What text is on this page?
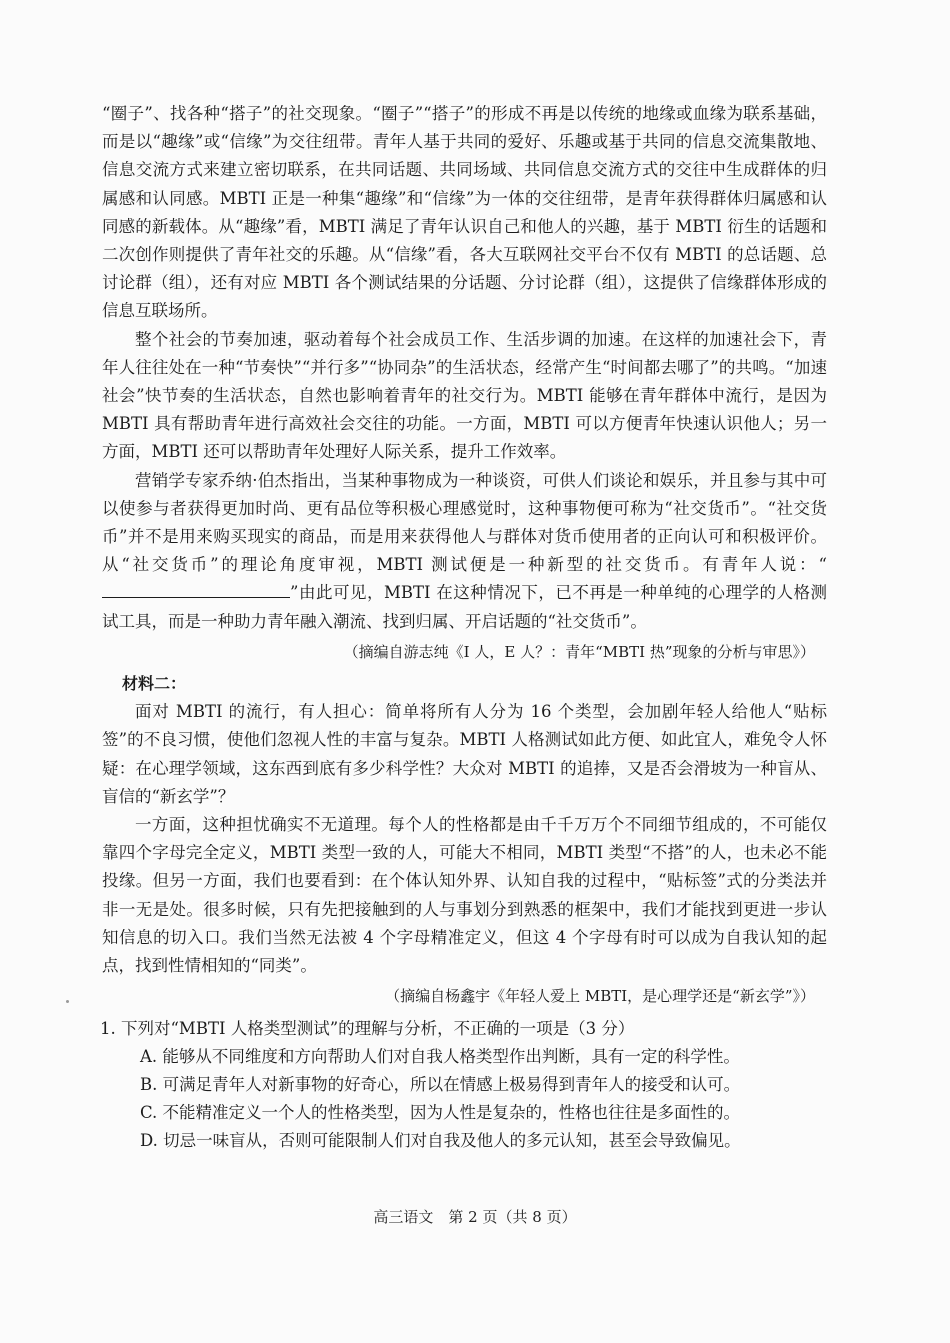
“圈子”、找各种“搭子”的社交现象。“圈子”“搭子”的形成不再是以传统的地缘或血缘为联系基础，而是以“趣缘”或“信缘”为交往纽带。青年人基于共同的爱好、乐趣或基于共同的信息交流集散地、信息交流方式来建立密切联系，在共同话题、共同场域、共同信息交流方式的交往中生成群体的归属感和认同感。MBTI 正是一种集“趣缘”和“信缘”为一体的交往纽带，是青年获得群体归属感和认同感的新载体。从“趣缘”看，MBTI 满足了青年认识自己和他人的兴趣，基于 MBTI 衍生的话题和二次创作则提供了青年社交的乐趣。从“信缘”看，各大互联网社交平台不仅有 MBTI 的总话题、总讨论群（组），还有对应 MBTI 各个测试结果的分话题、分讨论群（组），这提供了信缘群体形成的信息互联场所。

整个社会的节奏加速，驱动着每个社会成员工作、生活步调的加速。在这样的加速社会下，青年人往往处在一种“节奏快”“并行多”“协同杂”的生活状态，经常产生“时间都去哪了”的共鸣。“加速社会”快节奏的生活状态，自然也影响着青年的社交行为。MBTI 能够在青年群体中流行，是因为 MBTI 具有帮助青年进行高效社会交往的功能。一方面，MBTI 可以方便青年快速认识他人；另一方面，MBTI 还可以帮助青年处理好人际关系，提升工作效率。

营销学专家乔纳·伯杰指出，当某种事物成为一种谈资，可供人们谈论和娱乐，并且参与其中可以使参与者获得更加时尚、更有品位等积极心理感觉时，这种事物便可称为“社交货币”。“社交货币”并不是用来购买现实的商品，而是用来获得他人与群体对货币使用者的正向认可和积极评价。从“社交货币”的理论角度审视，MBTI 测试便是一种新型的社交货币。有青年人说：“”由此可见，MBTI 在这种情况下，已不再是一种单纯的心理学的人格测试工具，而是一种助力青年融入潮流、找到归属、开启话题的“社交货币”。

（摘编自游志纯《I 人，E 人？：青年“MBTI 热”现象的分析与审思》）

材料二：

面对 MBTI 的流行，有人担心：简单将所有人分为 16 个类型，会加剧年轻人给他人“贴标签”的不良习惯，使他们忽视人性的丰富与复杂。MBTI 人格测试如此方便、如此宜人，难免令人怀疑：在心理学领域，这东西到底有多少科学性？大众对 MBTI 的追捧，又是否会滑坡为一种盲从、盲信的“新玄学”？

一方面，这种担忧确实不无道理。每个人的性格都是由千千万万个不同细节组成的，不可能仅靠四个字母完全定义，MBTI 类型一致的人，可能大不相同，MBTI 类型“不搭”的人，也未必不能投缘。但另一方面，我们也要看到：在个体认知外界、认知自我的过程中，“贴标签”式的分类法并非一无是处。很多时候，只有先把接触到的人与事划分到熟悉的框架中，我们才能找到更进一步认知信息的切入口。我们当然无法被 4 个字母精准定义，但这 4 个字母有时可以成为自我认知的起点，找到性情相知的“同类”。

（摘编自杨鑫宇《年轻人爱上 MBTI，是心理学还是“新玄学”》）

1. 下列对“MBTI 人格类型测试”的理解与分析，不正确的一项是（3 分）

A. 能够从不同维度和方向帮助人们对自我人格类型作出判断，具有一定的科学性。

B. 可满足青年人对新事物的好奇心，所以在情感上极易得到青年人的接受和认可。

C. 不能精准定义一个人的性格类型，因为人性是复杂的，性格也往往是多面性的。

D. 切忌一味盲从，否则可能限制人们对自我及他人的多元认知，甚至会导致偏见。

高三语文　第 2 页（共 8 页）
